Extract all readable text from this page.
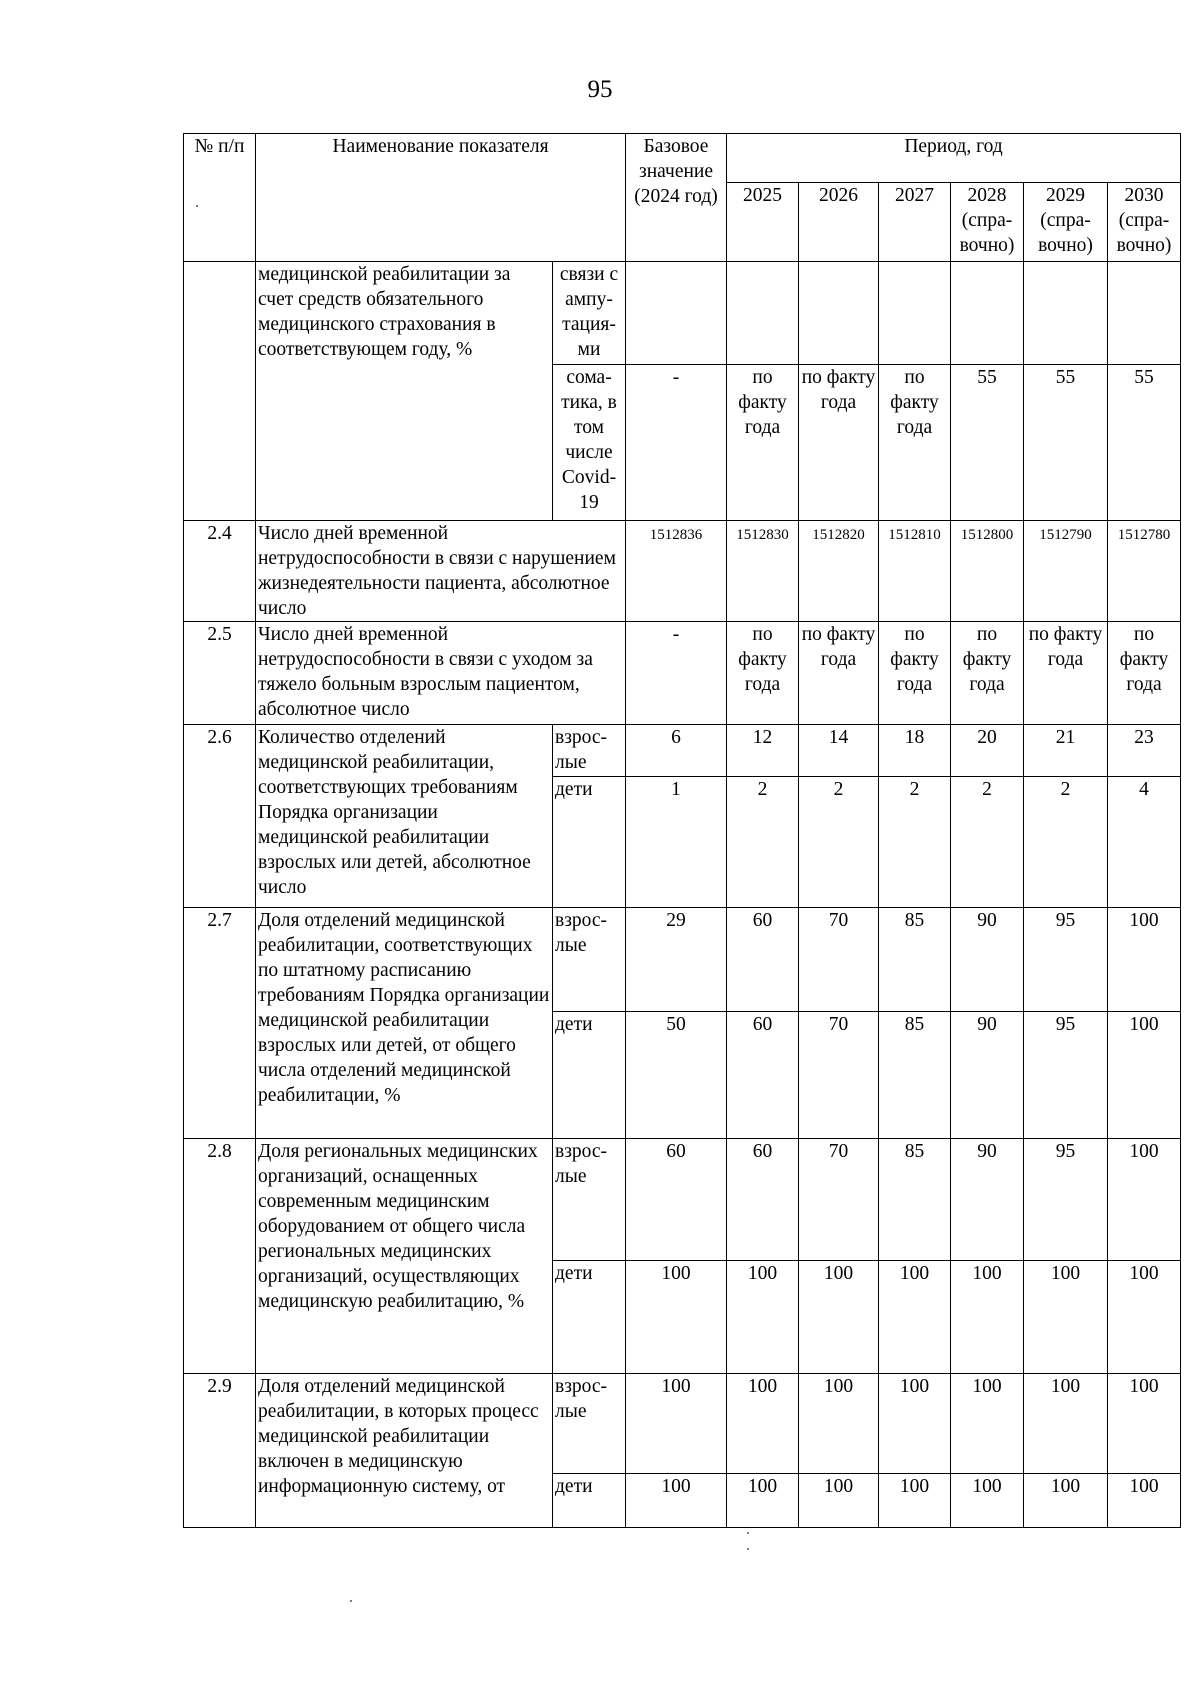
95
№ п/п	Наименование показателя		Базовое значение (2024 год)	Период, год					
				2025	2026	2027	2028 (спра-вочно)	2029 (спра-вочно)	2030 (спра-вочно)
	медицинской реабилитации за счет средств обязательного медицинского страхования в соответствующем году, %	связи с ампу-тация-ми							
		сома-тика, в том числе Covid-19	-	по факту года	по факту года	по факту года	55	55	55
2.4	Число дней временной нетрудоспособности в связи с нарушением жизнедеятельности пациента, абсолютное число		1512836	1512830	1512820	1512810	1512800	1512790	1512780
2.5	Число дней временной нетрудоспособности в связи с уходом за тяжело больным взрослым пациентом, абсолютное число		-	по факту года	по факту года	по факту года	по факту года	по факту года	по факту года
2.6	Количество отделений медицинской реабилитации, соответствующих требованиям Порядка организации медицинской реабилитации взрослых или детей, абсолютное число	взрос-лые	6	12	14	18	20	21	23
		дети	1	2	2	2	2	2	4
2.7	Доля отделений медицинской реабилитации, соответствующих по штатному расписанию требованиям Порядка организации медицинской реабилитации взрослых или детей, от общего числа отделений медицинской реабилитации, %	взрос-лые	29	60	70	85	90	95	100
		дети	50	60	70	85	90	95	100
2.8	Доля региональных медицинских организаций, оснащенных современным медицинским оборудованием от общего числа региональных медицинских организаций, осуществляющих медицинскую реабилитацию, %	взрос-лые	60	60	70	85	90	95	100
		дети	100	100	100	100	100	100	100
2.9	Доля отделений медицинской реабилитации, в которых процесс медицинской реабилитации включен в медицинскую информационную систему, от	взрос-лые	100	100	100	100	100	100	100
		дети	100	100	100	100	100	100	100
